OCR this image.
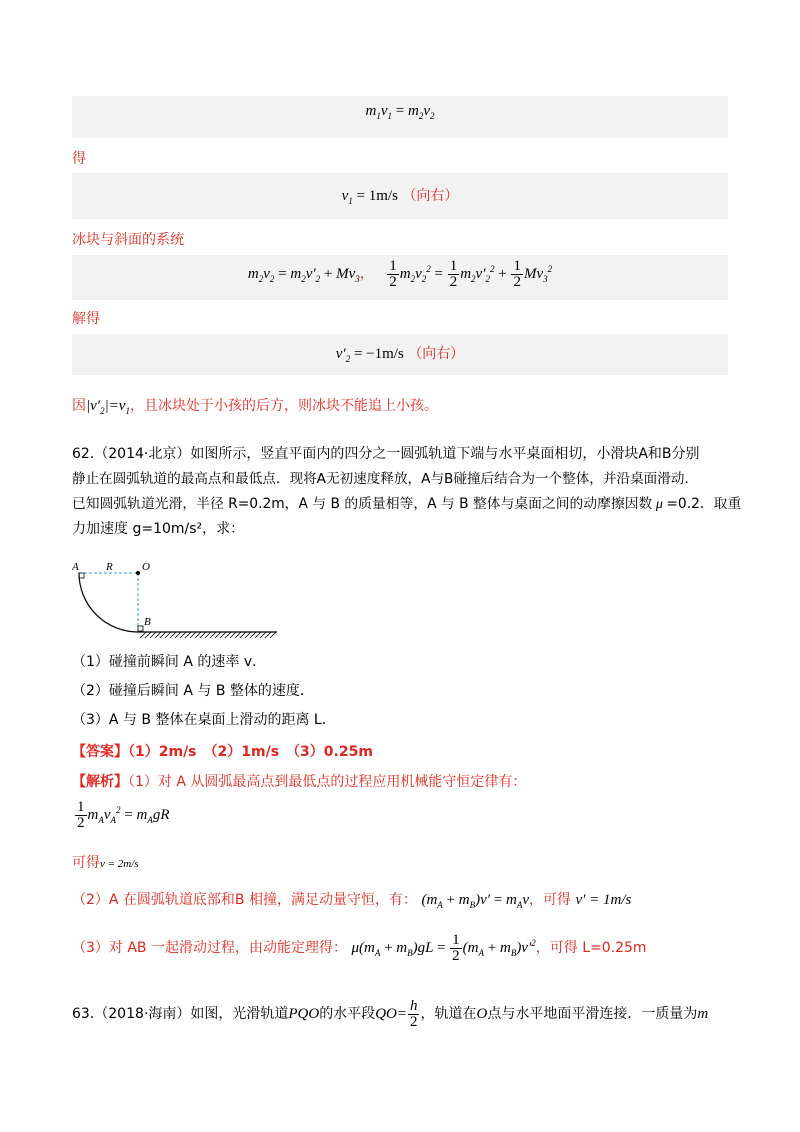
$m_1v_1 = m_2v_2$
得
$v_1 = 1m/s$ （向右）
冰块与斜面的系统
$m_2v_2 = m_2v'_2 + Mv_3$， $\frac{1}{2} m_2v_2^2 = \frac{1}{2} m_2v'_2^2 + \frac{1}{2} Mv_3^2$
解得
$v'_2 = -1m/s$ （向右）
因$|v'_2|=v_1$，且冰块处于小孩的后方，则冰块不能追上小孩。
62.（2014·北京）如图所示，竖直平面内的四分之一圆弧轨道下端与水平桌面相切，小滑块A和B分别
静止在圆弧轨道的最高点和最低点．现将A无初速度释放，A与B碰撞后结合为一个整体，并沿桌面滑动．
已知圆弧轨道光滑，半径 R=0.2m，A 与 B 的质量相等，A 与 B 整体与桌面之间的动摩擦因数 μ =0.2．取重
力加速度 g=10m/s²，求：
A R	O
B
（1）碰撞前瞬间 A 的速率 v．
（2）碰撞后瞬间 A 与 B 整体的速度．
（3）A 与 B 整体在桌面上滑动的距离 L．
【答案】（1）2m/s　（2）1m/s　（3）0.25m
【解析】（1）对 A 从圆弧最高点到最低点的过程应用机械能守恒定律有：
$\frac{1}{2} m_Av_A^2 = m_AgR$
可得v = 2m/s
（2）A 在圆弧轨道底部和B 相撞，满足动量守恒，有： $(m_A + m_B)v' = m_Av$，可得 v′ = 1m/s
（3）对 AB 一起滑动过程，由动能定理得： $\mu(m_A + m_B)gL = \frac{1}{2} (m_A + m_B)v'^2$，可得 L=0.25m
63.（2018·海南）如图，光滑轨道PQO的水平段$QO= \frac{h}{2}$ ，轨道在O点与水平地面平滑连接．一质量为m
